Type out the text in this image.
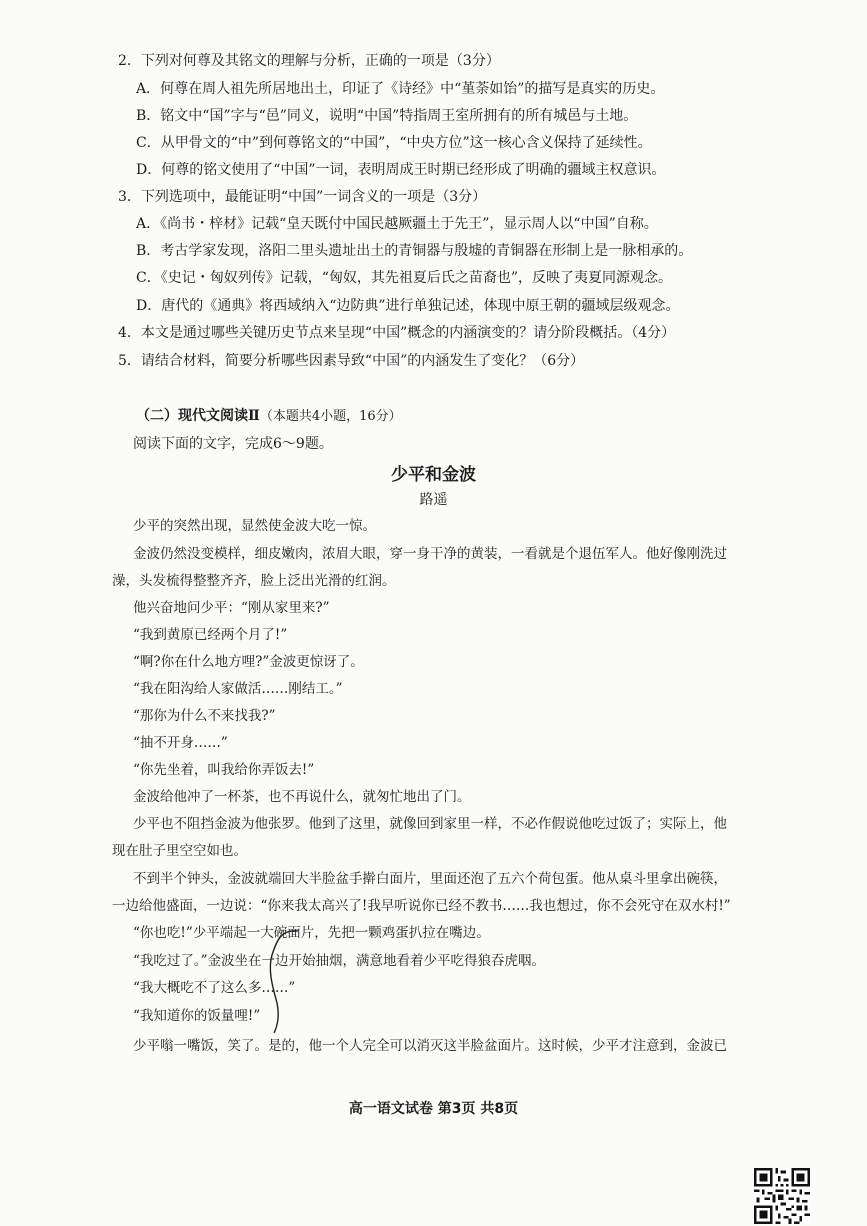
2．下列对何尊及其铭文的理解与分析，正确的一项是（3分）

A．何尊在周人祖先所居地出土，印证了《诗经》中“堇荼如饴”的描写是真实的历史。

B．铭文中“国”字与“邑”同义，说明“中国”特指周王室所拥有的所有城邑与土地。

C．从甲骨文的“中”到何尊铭文的“中国”，“中央方位”这一核心含义保持了延续性。

D．何尊的铭文使用了“中国”一词，表明周成王时期已经形成了明确的疆域主权意识。

3．下列选项中，最能证明“中国”一词含义的一项是（3分）

A．《尚书・梓材》记载“皇天既付中国民越厥疆土于先王”，显示周人以“中国”自称。

B．考古学家发现，洛阳二里头遗址出土的青铜器与殷墟的青铜器在形制上是一脉相承的。

C．《史记・匈奴列传》记载，“匈奴，其先祖夏后氏之苗裔也”，反映了夷夏同源观念。

D．唐代的《通典》将西域纳入“边防典”进行单独记述，体现中原王朝的疆域层级观念。

4．本文是通过哪些关键历史节点来呈现“中国”概念的内涵演变的？请分阶段概括。（4分）

5．请结合材料，简要分析哪些因素导致“中国”的内涵发生了变化？（6分）

（二）现代文阅读Ⅱ（本题共4小题，16分）

阅读下面的文字，完成6～9题。

少平和金波

路遥

少平的突然出现，显然使金波大吃一惊。

金波仍然没变模样，细皮嫩肉，浓眉大眼，穿一身干净的黄装，一看就是个退伍军人。他好像刚洗过

澡，头发梳得整整齐齐，脸上泛出光滑的红润。

他兴奋地问少平：“刚从家里来?”

“我到黄原已经两个月了!”

“啊?你在什么地方哩?”金波更惊讶了。

“我在阳沟给人家做活……刚结工。”

“那你为什么不来找我?”

“抽不开身……”

“你先坐着，叫我给你弄饭去!”

金波给他冲了一杯茶，也不再说什么，就匆忙地出了门。

少平也不阻挡金波为他张罗。他到了这里，就像回到家里一样，不必作假说他吃过饭了；实际上，他

现在肚子里空空如也。

不到半个钟头，金波就端回大半脸盆手擀白面片，里面还泡了五六个荷包蛋。他从桌斗里拿出碗筷，

一边给他盛面，一边说：“你来我太高兴了!我早听说你已经不教书……我也想过，你不会死守在双水村!”

“你也吃!”少平端起一大碗面片，先把一颗鸡蛋扒拉在嘴边。

“我吃过了。”金波坐在一边开始抽烟，满意地看着少平吃得狼吞虎咽。

“我大概吃不了这么多……”

“我知道你的饭量哩!”

少平嗡一嘴饭，笑了。是的，他一个人完全可以消灭这半脸盆面片。这时候，少平才注意到，金波已

高一语文试卷 第3页 共8页
